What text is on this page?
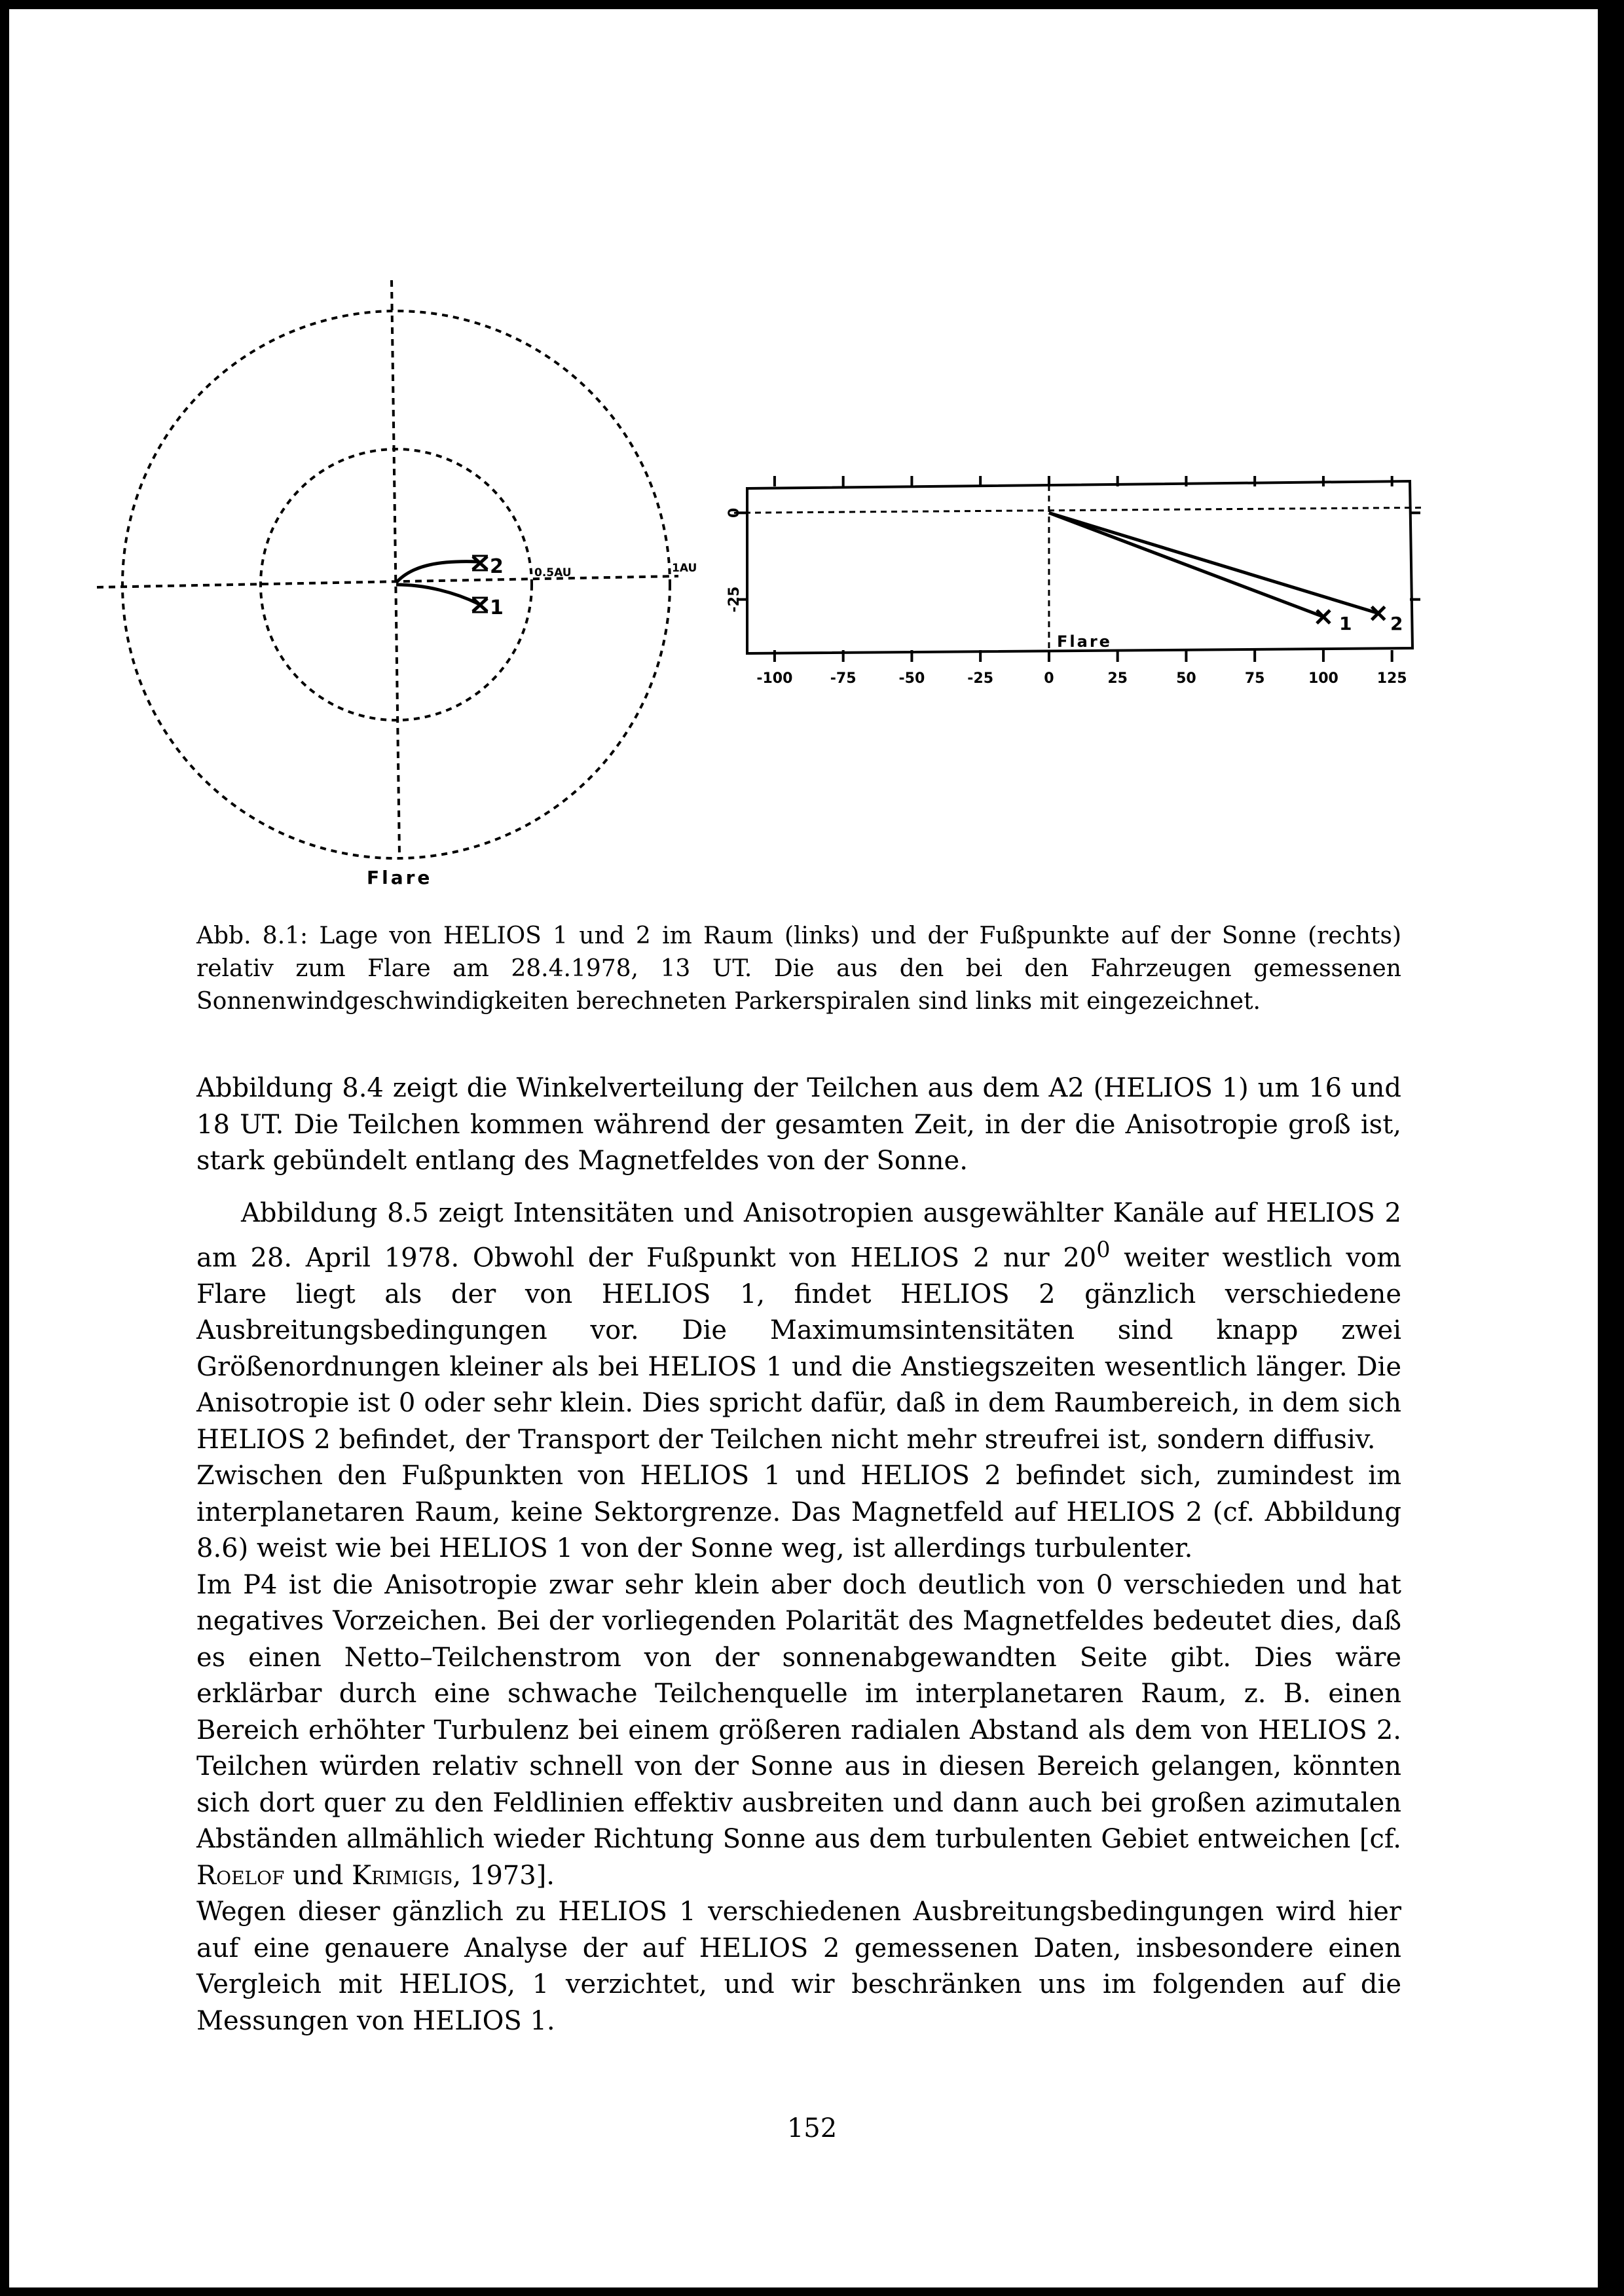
2
1
0.5AU	1AU
Flare
-100	-75	-50	-25	0	25	50	75	100	125
0
-25
Flare
1 2
Abb. 8.1: Lage von HELIOS 1 und 2 im Raum (links) und der Fußpunkte auf der Sonne (rechts) relativ zum Flare am 28.4.1978, 13 UT. Die aus den bei den Fahrzeugen gemessenen Sonnenwindgeschwindigkeiten berechneten Parkerspiralen sind links mit eingezeichnet.

Abbildung 8.4 zeigt die Winkelverteilung der Teilchen aus dem A2 (HELIOS 1) um 16 und 18 UT. Die Teilchen kommen während der gesamten Zeit, in der die Anisotropie groß ist, stark gebündelt entlang des Magnetfeldes von der Sonne.

Abbildung 8.5 zeigt Intensitäten und Anisotropien ausgewählter Kanäle auf HELIOS 2 am 28. April 1978. Obwohl der Fußpunkt von HELIOS 2 nur $20^0$ weiter westlich vom Flare liegt als der von HELIOS 1, findet HELIOS 2 gänzlich verschiedene Ausbreitungsbedingungen vor. Die Maximumsintensitäten sind knapp zwei Größenordnungen kleiner als bei HELIOS 1 und die Anstiegszeiten wesentlich länger. Die Anisotropie ist 0 oder sehr klein. Dies spricht dafür, daß in dem Raumbereich, in dem sich HELIOS 2 befindet, der Transport der Teilchen nicht mehr streufrei ist, sondern diffusiv.

Zwischen den Fußpunkten von HELIOS 1 und HELIOS 2 befindet sich, zumindest im interplanetaren Raum, keine Sektorgrenze. Das Magnetfeld auf HELIOS 2 (cf. Abbildung 8.6) weist wie bei HELIOS 1 von der Sonne weg, ist allerdings turbulenter.

Im P4 ist die Anisotropie zwar sehr klein aber doch deutlich von 0 verschieden und hat negatives Vorzeichen. Bei der vorliegenden Polarität des Magnetfeldes bedeutet dies, daß es einen Netto–Teilchenstrom von der sonnenabgewandten Seite gibt. Dies wäre erklärbar durch eine schwache Teilchenquelle im interplanetaren Raum, z. B. einen Bereich erhöhter Turbulenz bei einem größeren radialen Abstand als dem von HELIOS 2. Teilchen würden relativ schnell von der Sonne aus in diesen Bereich gelangen, könnten sich dort quer zu den Feldlinien effektiv ausbreiten und dann auch bei großen azimutalen Abständen allmählich wieder Richtung Sonne aus dem turbulenten Gebiet entweichen [cf. Roelof und Krimigis, 1973].

Wegen dieser gänzlich zu HELIOS 1 verschiedenen Ausbreitungsbedingungen wird hier auf eine genauere Analyse der auf HELIOS 2 gemessenen Daten, insbesondere einen Vergleich mit HELIOS, 1 verzichtet, und wir beschränken uns im folgenden auf die Messungen von HELIOS 1.

152
